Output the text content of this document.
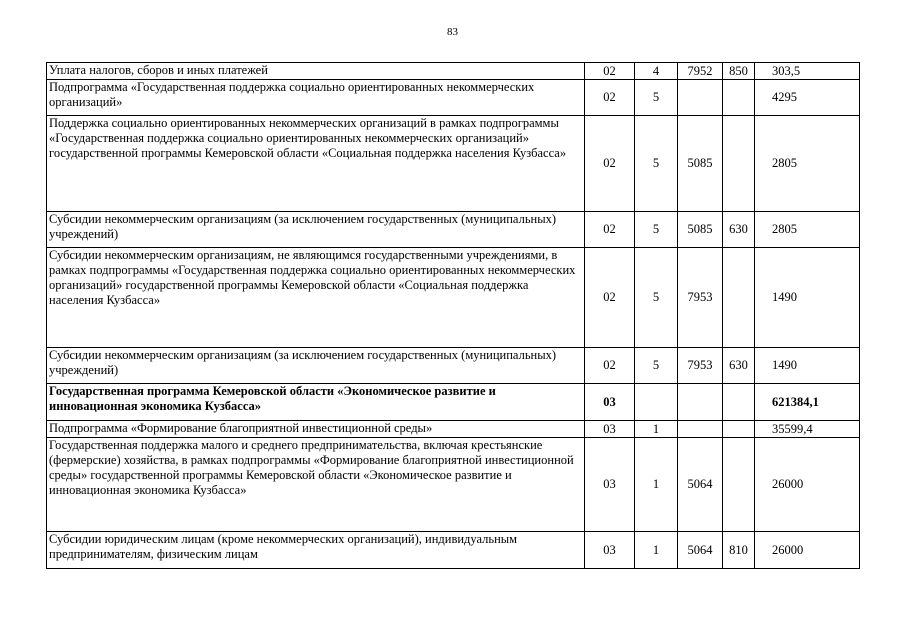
83
Уплата налогов, сборов и иных платежей	02	4	7952	850	303,5
Подпрограмма «Государственная поддержка социально ориентированных некоммерческих организаций»	02	5			4295
Поддержка социально ориентированных некоммерческих организаций в рамках подпрограммы «Государственная поддержка социально ориентированных некоммерческих организаций» государственной программы Кемеровской области «Социальная поддержка населения Кузбасса»	02	5	5085		2805
Субсидии некоммерческим организациям (за исключением государственных (муниципальных) учреждений)	02	5	5085	630	2805
Субсидии некоммерческим организациям, не являющимся государственными учреждениями, в рамках подпрограммы «Государственная поддержка социально ориентированных некоммерческих организаций» государственной программы Кемеровской области «Социальная поддержка населения Кузбасса»	02	5	7953		1490
Субсидии некоммерческим организациям (за исключением государственных (муниципальных) учреждений)	02	5	7953	630	1490
Государственная программа Кемеровской области «Экономическое развитие и инновационная экономика Кузбасса»	03				621384,1
Подпрограмма «Формирование благоприятной инвестиционной среды»	03	1			35599,4
Государственная поддержка малого и среднего предпринимательства, включая крестьянские (фермерские) хозяйства, в рамках подпрограммы «Формирование благоприятной инвестиционной среды» государственной программы Кемеровской области «Экономическое развитие и инновационная экономика Кузбасса»	03	1	5064		26000
Субсидии юридическим лицам (кроме некоммерческих организаций), индивидуальным предпринимателям, физическим лицам	03	1	5064	810	26000
